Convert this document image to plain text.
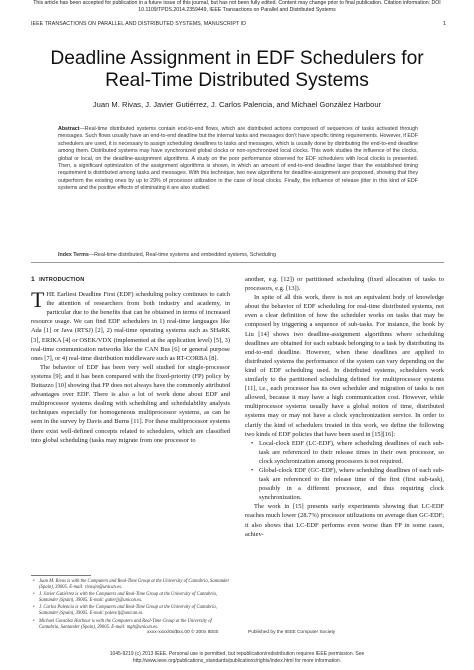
This article has been accepted for publication in a future issue of this journal, but has not been fully edited. Content may change prior to final publication. Citation information: DOI
10.1109/TPDS.2014.2359449, IEEE Transactions on Parallel and Distributed Systems
IEEE TRANSACTIONS ON PARALLEL AND DISTRIBUTED SYSTEMS, MANUSCRIPT ID	1
Deadline Assignment in EDF Schedulers for
Real-Time Distributed Systems
Juan M. Rivas, J. Javier Gutiérrez, J. Carlos Palencia, and Michael González Harbour
Abstract—Real-time distributed systems contain end-to-end flows, which are distributed actions composed of sequences of tasks activated through messages. Such flows usually have an end-to-end deadline but the internal tasks and messages don't have specific timing requirements. However, if EDF schedulers are used, it is necessary to assign scheduling deadlines to tasks and messages, which is usually done by distributing the end-to-end deadline among them. Distributed systems may have synchronized global clocks or non-synchronized local clocks. This work studies the influence of the clocks, global or local, on the deadline-assignment algorithms. A study on the poor performance observed for EDF schedulers with local clocks is presented. Then, a significant optimization of the assignment algorithms is shown, in which an amount of end-to-end deadline larger than the established timing requirement is distributed among tasks and messages. With this technique, two new algorithms for deadline-assignment are proposed, showing that they outperform the existing ones by up to 29% of processor utilization in the case of local clocks. Finally, the influence of release jitter in this kind of EDF systems and the positive effects of eliminating it are also studied.
Index Terms—Real-time distributed, Real-time systems and embedded systems, Scheduling
1 INTRODUCTION

THE Earliest Deadline First (EDF) scheduling policy continues to catch the attention of researchers from both industry and academy, in particular due to the benefits that can be obtained in terms of increased resource usage. We can find EDF schedulers in 1) real-time languages like Ada [1] or Java (RTSJ) [2], 2) real-time operating systems such as SHaRK [3], ERIKA [4] or OSEK/VDX (implemented at the application level) [5], 3) real-time communication networks like the CAN Bus [6] or general purpose ones [7], or 4) real-time distribution middleware such as RT-CORBA [8].

The behavior of EDF has been very well studied for single-processor systems [9]; and it has been compared with the fixed-priority (FP) policy by Buttazzo [10] showing that FP does not always have the commonly attributed advantages over EDF. There is also a lot of work done about EDF and multiprocessor systems dealing with scheduling and schedulability analysis techniques especially for homogeneous multiprocessor systems, as can be seen in the survey by Davis and Burns [11]. For these multiprocessor systems there exist well-defined concepts related to schedulers, which are classified into global scheduling (tasks may migrate from one processor to

another, e.g. [12]) or partitioned scheduling (fixed allocation of tasks to processors, e.g. [13]).

In spite of all this work, there is not an equivalent body of knowledge about the behavior of EDF scheduling for real-time distributed systems, not even a clear definition of how the scheduler works on tasks that may be composed by triggering a sequence of sub-tasks. For instance, the book by Liu [14] shows two deadline-assignment algorithms where scheduling deadlines are obtained for each subtask belonging to a task by distributing its end-to-end deadline. However, when these deadlines are applied to distributed systems the performance of the system can vary depending on the kind of EDF scheduling used. In distributed systems, schedulers work similarly to the partitioned scheduling defined for multiprocessor systems [11], i.e., each processor has its own scheduler and migration of tasks is not allowed, because it may have a high communication cost. However, while multiprocessor systems usually have a global notion of time, distributed systems may or may not have a clock synchronization service. In order to clarify the kind of schedulers treated in this work, we define the following two kinds of EDF policies that have been used in [15][16]:

• Local-clock EDF (LC-EDF), where scheduling deadlines of each sub-task are referenced to their release times in their own processor, so clock synchronization among processors is not required.
• Global-clock EDF (GC-EDF), where scheduling deadlines of each sub-task are referenced to the release time of the first (first sub-task), possibly in a different processor, and thus requiring clock synchronization.

The work in [15] presents early experiments showing that LC-EDF reaches much lower (28.7%) processor utilizations on average than GC-EDF; it also shows that LC-EDF performs even worse than FP in some cases, achiev-

• Juan M. Rivas is with the Computers and Real-Time Group at the University of Cantabria, Santander (Spain), 39005. E-mail: rivasjm@unican.es.
• J. Javier Gutiérrez is with the Computers and Real-Time Group at the University of Cantabria, Santander (Spain), 39005. E-mail: gutierjj@unican.es.
• J. Carlos Palencia is with the Computers and Real-Time Group at the University of Cantabria, Santander (Spain), 39005. E-mail: palencij@unican.es.
• Michael González Harbour is with the Computers and Real-Time Group at the University of Cantabria, Santander (Spain), 39005. E-mail: mgh@unican.es.
xxxx-xxxx/0x/$xx.00 © 200x IEEE	Published by the IEEE Computer Society
1045-9219 (c) 2013 IEEE. Personal use is permitted, but republication/redistribution requires IEEE permission. See
http://www.ieee.org/publications_standards/publications/rights/index.html for more information.
